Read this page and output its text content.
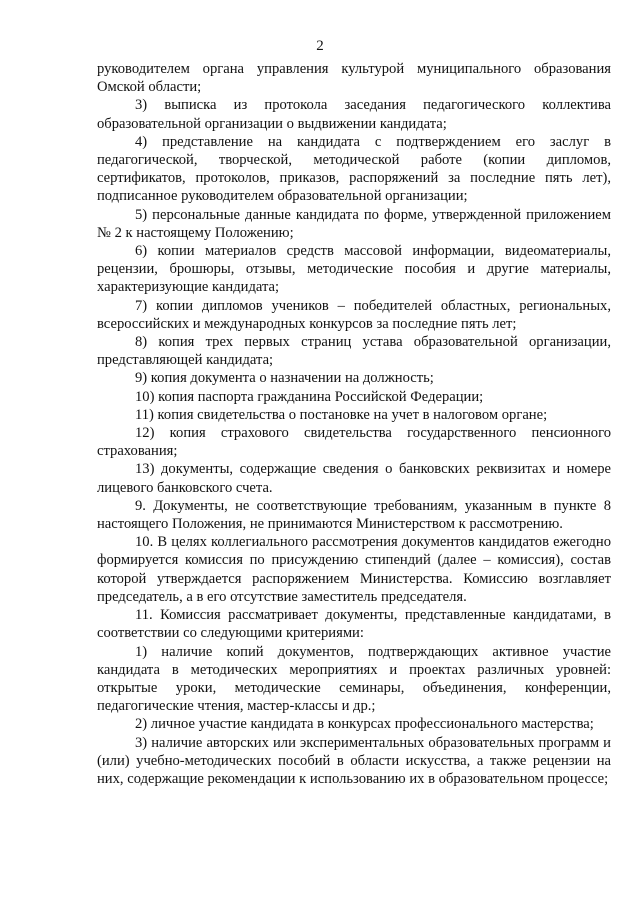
2

руководителем органа управления культурой муниципального образования Омской области;

3) выписка из протокола заседания педагогического коллектива образовательной организации о выдвижении кандидата;

4) представление на кандидата с подтверждением его заслуг в педагогической, творческой, методической работе (копии дипломов, сертификатов, протоколов, приказов, распоряжений за последние пять лет), подписанное руководителем образовательной организации;

5) персональные данные кандидата по форме, утвержденной приложением № 2 к настоящему Положению;

6) копии материалов средств массовой информации, видеоматериалы, рецензии, брошюры, отзывы, методические пособия и другие материалы, характеризующие кандидата;

7) копии дипломов учеников – победителей областных, региональных, всероссийских и международных конкурсов за последние пять лет;

8) копия трех первых страниц устава образовательной организации, представляющей кандидата;

9) копия документа о назначении на должность;

10) копия паспорта гражданина Российской Федерации;

11) копия свидетельства о постановке на учет в налоговом органе;

12) копия страхового свидетельства государственного пенсионного страхования;

13) документы, содержащие сведения о банковских реквизитах и номере лицевого банковского счета.

9. Документы, не соответствующие требованиям, указанным в пункте 8 настоящего Положения, не принимаются Министерством к рассмотрению.

10. В целях коллегиального рассмотрения документов кандидатов ежегодно формируется комиссия по присуждению стипендий (далее – комиссия), состав которой утверждается распоряжением Министерства. Комиссию возглавляет председатель, а в его отсутствие заместитель председателя.

11. Комиссия рассматривает документы, представленные кандидатами, в соответствии со следующими критериями:

1) наличие копий документов, подтверждающих активное участие кандидата в методических мероприятиях и проектах различных уровней: открытые уроки, методические семинары, объединения, конференции, педагогические чтения, мастер-классы и др.;

2) личное участие кандидата в конкурсах профессионального мастерства;

3) наличие авторских или экспериментальных образовательных программ и (или) учебно-методических пособий в области искусства, а также рецензии на них, содержащие рекомендации к использованию их в образовательном процессе;
